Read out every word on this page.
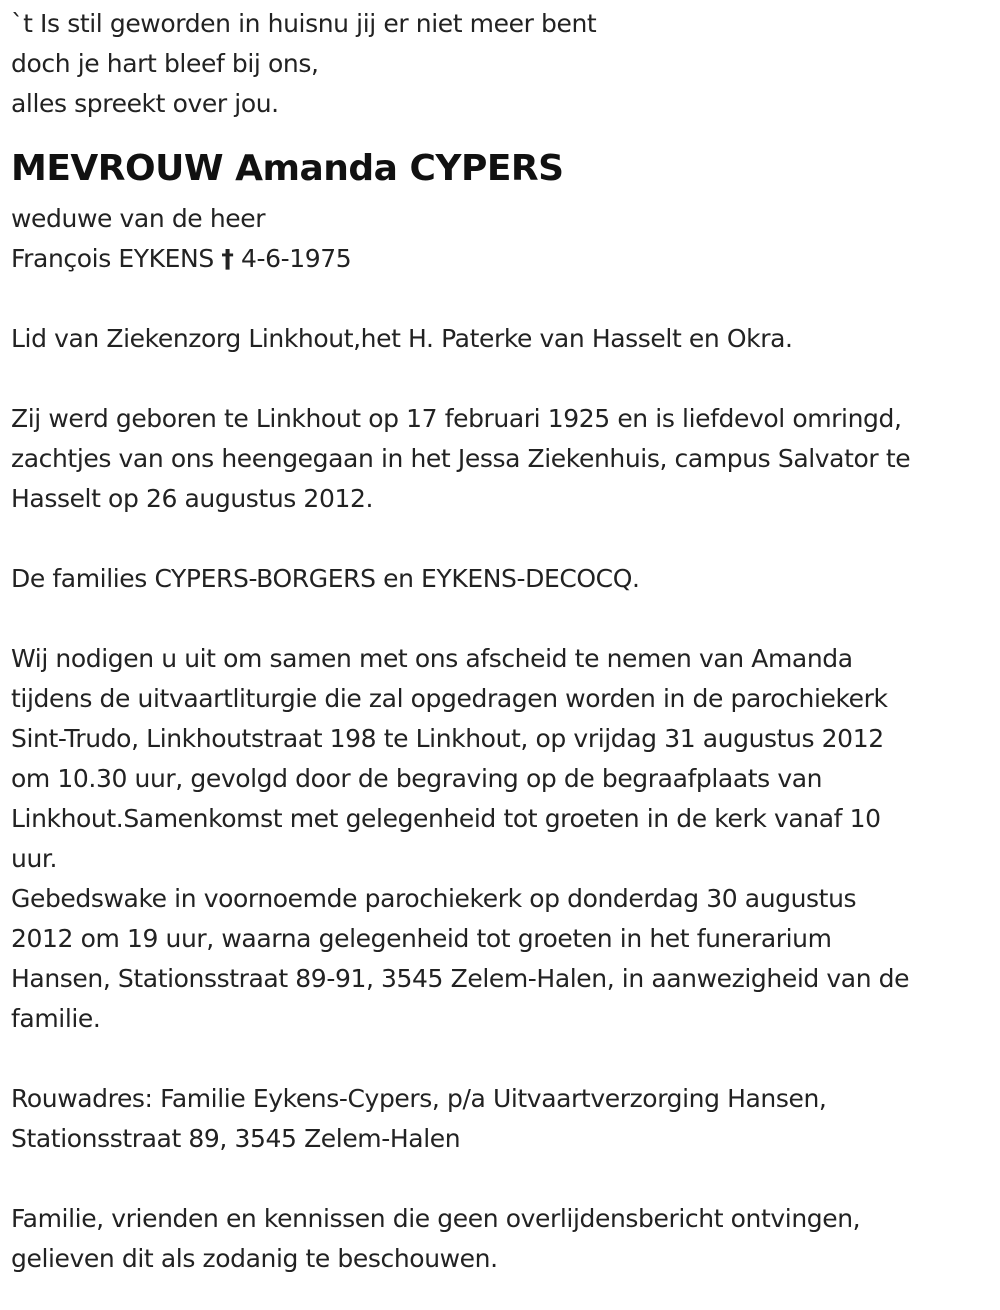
`t Is stil geworden in huisnu jij er niet meer bent
doch je hart bleef bij ons,
alles spreekt over jou.
MEVROUW Amanda CYPERS
weduwe van de heer
François EYKENS † 4-6-1975
Lid van Ziekenzorg Linkhout,het H. Paterke van Hasselt en Okra.
Zij werd geboren te Linkhout op 17 februari 1925 en is liefdevol omringd,
zachtjes van ons heengegaan in het Jessa Ziekenhuis, campus Salvator te
Hasselt op 26 augustus 2012.
De families CYPERS-BORGERS en EYKENS-DECOCQ.
Wij nodigen u uit om samen met ons afscheid te nemen van Amanda
tijdens de uitvaartliturgie die zal opgedragen worden in de parochiekerk
Sint-Trudo, Linkhoutstraat 198 te Linkhout, op vrijdag 31 augustus 2012
om 10.30 uur, gevolgd door de begraving op de begraafplaats van
Linkhout.Samenkomst met gelegenheid tot groeten in de kerk vanaf 10
uur.
Gebedswake in voornoemde parochiekerk op donderdag 30 augustus
2012 om 19 uur, waarna gelegenheid tot groeten in het funerarium
Hansen, Stationsstraat 89-91, 3545 Zelem-Halen, in aanwezigheid van de
familie.
Rouwadres: Familie Eykens-Cypers, p/a Uitvaartverzorging Hansen,
Stationsstraat 89, 3545 Zelem-Halen
Familie, vrienden en kennissen die geen overlijdensbericht ontvingen,
gelieven dit als zodanig te beschouwen.
